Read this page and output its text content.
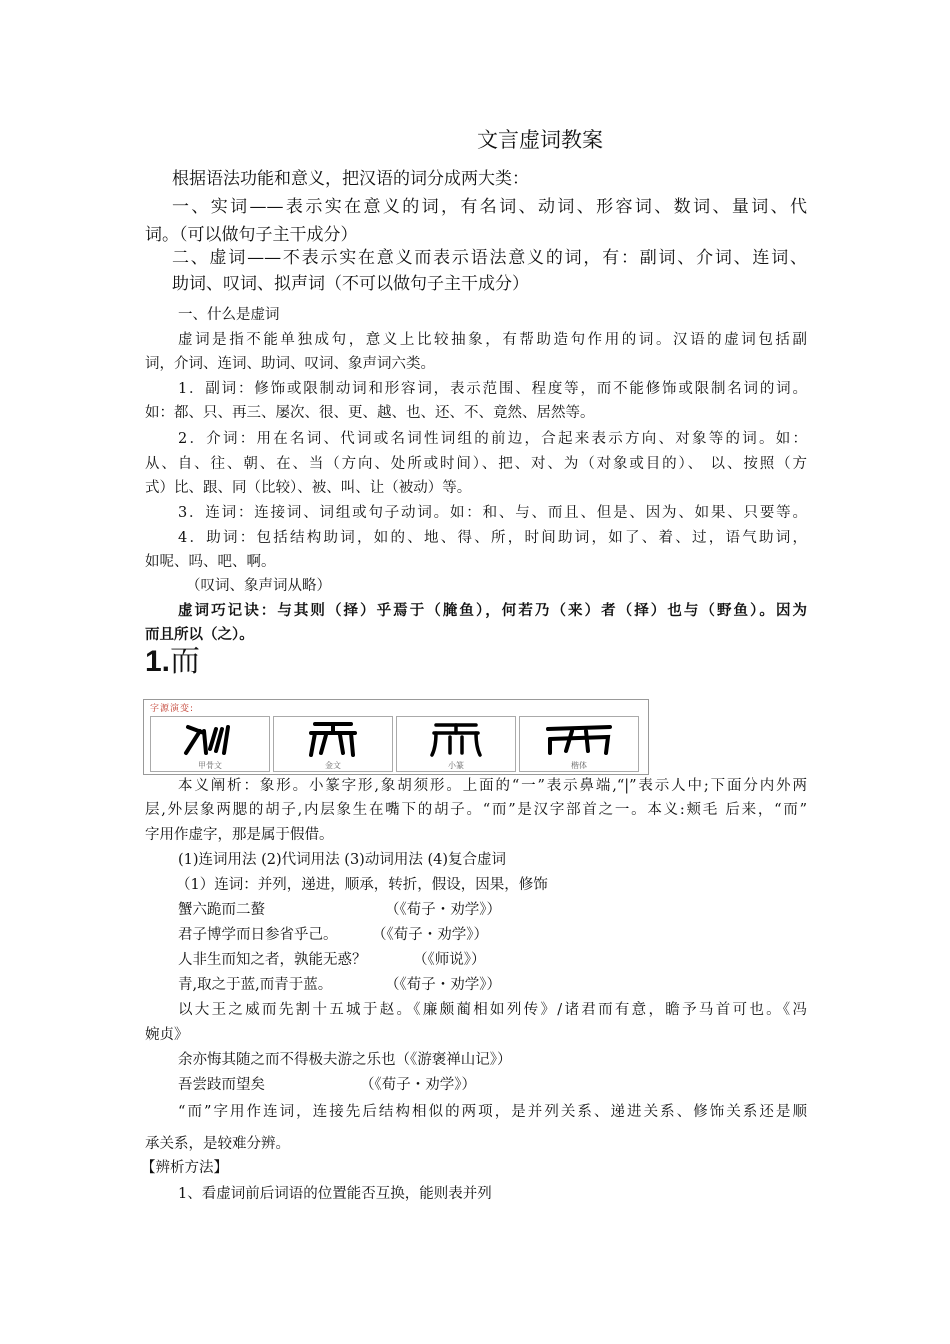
文言虚词教案
根据语法功能和意义，把汉语的词分成两大类：
一、实词——表示实在意义的词，有名词、动词、形容词、数词、量词、代
词。（可以做句子主干成分）
二、虚词——不表示实在意义而表示语法意义的词，有：副词、介词、连词、
助词、叹词、拟声词（不可以做句子主干成分）
一、什么是虚词
虚词是指不能单独成句，意义上比较抽象，有帮助造句作用的词。汉语的虚词包括副
词，介词、连词、助词、叹词、象声词六类。
1．副词：修饰或限制动词和形容词，表示范围、程度等，而不能修饰或限制名词的词。
如：都、只、再三、屡次、很、更、越、也、还、不、竟然、居然等。
2．介词：用在名词、代词或名词性词组的前边，合起来表示方向、对象等的词。如：
从、自、往、朝、在、当（方向、处所或时间）、把、对、为（对象或目的）、 以、按照（方
式）比、跟、同（比较）、被、叫、让（被动）等。
3．连词：连接词、词组或句子动词。如：和、与、而且、但是、因为、如果、只要等。
4．助词：包括结构助词，如的、地、得、所，时间助词，如了、着、过，语气助词，
如呢、吗、吧、啊。
（叹词、象声词从略）
虚词巧记诀：与其则（择）乎焉于（腌鱼），何若乃（来）者（择）也与（野鱼）。因为
而且所以（之）。
1.而
字源演变:
甲骨文	金文	小篆	楷体
本义阐析：象形。小篆字形,象胡须形。上面的“一”表示鼻端,“|”表示人中;下面分内外两
层,外层象两腮的胡子,内层象生在嘴下的胡子。“而”是汉字部首之一。本义:颊毛 后来，“而”
字用作虚字，那是属于假借。
(1)连词用法 (2)代词用法 (3)动词用法 (4)复合虚词
（1）连词：并列，递进，顺承，转折，假设，因果，修饰
蟹六跪而二螯	（《荀子・劝学》）
君子博学而日参省乎己。 （《荀子・劝学》）
人非生而知之者，孰能无惑？	（《师说》）
青,取之于蓝,而青于蓝。	（《荀子・劝学》）
以大王之威而先割十五城于赵。《廉颇蔺相如列传》/诸君而有意，瞻予马首可也。《冯
婉贞》
余亦悔其随之而不得极夫游之乐也（《游褒禅山记》）
吾尝跂而望矣	（《荀子・劝学》）
“而”字用作连词，连接先后结构相似的两项，是并列关系、递进关系、修饰关系还是顺
承关系，是较难分辨。
【辨析方法】
1、看虚词前后词语的位置能否互换，能则表并列
